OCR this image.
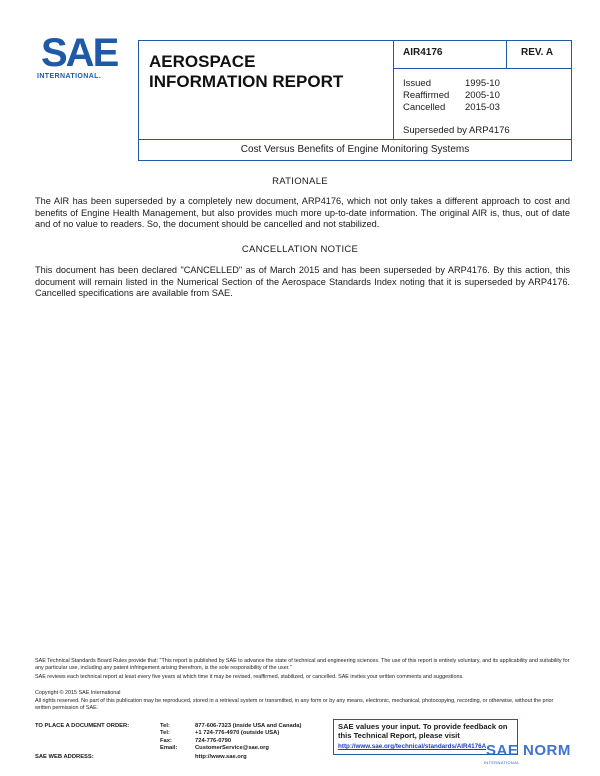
SAE
INTERNATIONAL.
AEROSPACE
INFORMATION REPORT
AIR4176	REV. A
Issued	1995-10
Reaffirmed 2005-10
Cancelled 2015-03
Superseded by ARP4176
Cost Versus Benefits of Engine Monitoring Systems
RATIONALE
The AIR has been superseded by a completely new document, ARP4176, which not only takes a different approach to cost and benefits of Engine Health Management, but also provides much more up-to-date information. The original AIR is, thus, out of date and of no value to readers. So, the document should be cancelled and not stabilized.
CANCELLATION NOTICE
This document has been declared "CANCELLED" as of March 2015 and has been superseded by ARP4176. By this action, this document will remain listed in the Numerical Section of the Aerospace Standards Index noting that it is superseded by ARP4176. Cancelled specifications are available from SAE.
SAE Technical Standards Board Rules provide that: "This report is published by SAE to advance the state of technical and engineering sciences. The use of this report is entirely voluntary, and its applicability and suitability for any particular use, including any patent infringement arising therefrom, is the sole responsibility of the user."
SAE reviews each technical report at least every five years at which time it may be revised, reaffirmed, stabilized, or cancelled. SAE invites your written comments and suggestions.
Copyright © 2015 SAE International
All rights reserved. No part of this publication may be reproduced, stored in a retrieval system or transmitted, in any form or by any means, electronic, mechanical, photocopying, recording, or otherwise, without the prior written permission of SAE.
TO PLACE A DOCUMENT ORDER:	Tel:	877-606-7323 (inside USA and Canada)
Tel:	+1 724-776-4970 (outside USA)
Fax:	724-776-0790
Email:	CustomerService@sae.org
SAE WEB ADDRESS:	http://www.sae.org
SAE values your input. To provide feedback on this Technical Report, please visit
http://www.sae.org/technical/standards/AIR4176A SAE NORM
INTERNATIONAL
